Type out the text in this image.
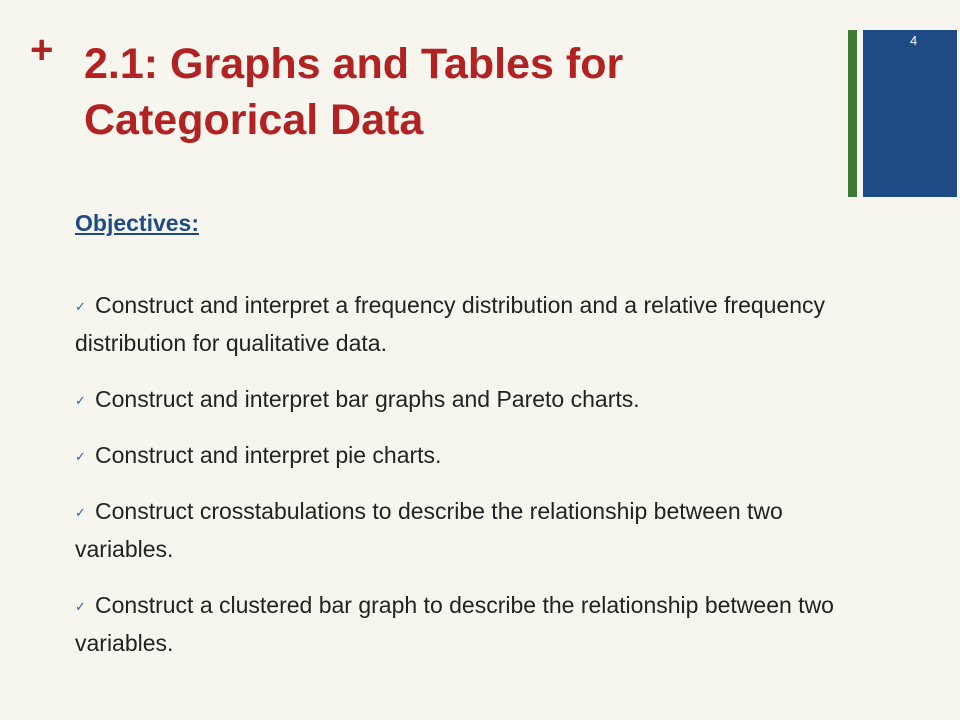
+ 2.1: Graphs and Tables for Categorical Data
4
Objectives:
✓ Construct and interpret a frequency distribution and a relative frequency distribution for qualitative data.
✓ Construct and interpret bar graphs and Pareto charts.
✓ Construct and interpret pie charts.
✓ Construct crosstabulations to describe the relationship between two variables.
✓ Construct a clustered bar graph to describe the relationship between two variables.
